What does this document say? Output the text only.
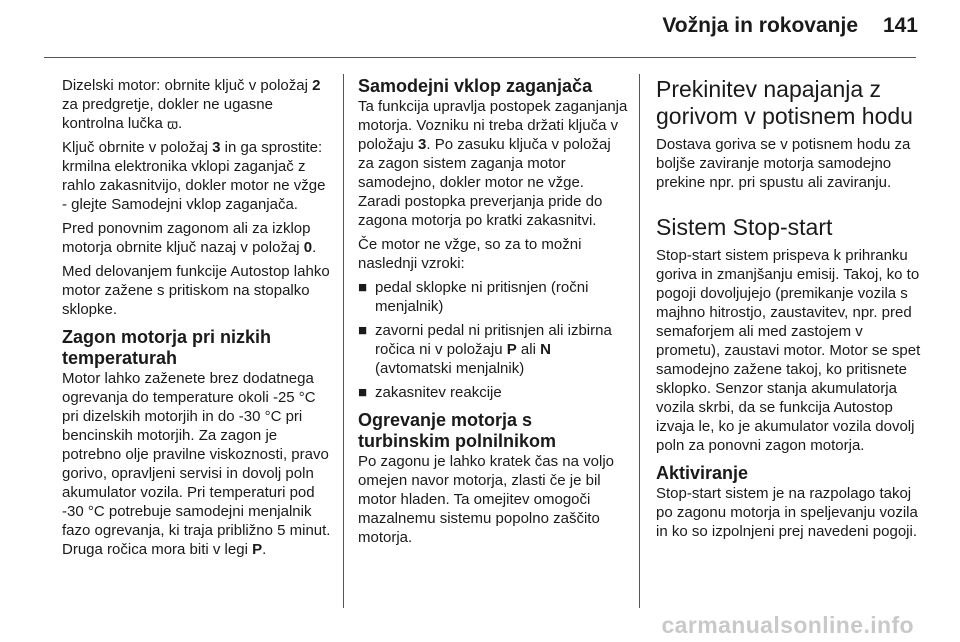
Vožnja in rokovanje 141

Dizelski motor: obrnite ključ v položaj 2 za predgretje, dokler ne ugasne kontrolna lučka ϖ.

Ključ obrnite v položaj 3 in ga sprostite: krmilna elektronika vklopi zaganjač z rahlo zakasnitvijo, dokler motor ne vžge - glejte Samodejni vklop zaganjača.

Pred ponovnim zagonom ali za izklop motorja obrnite ključ nazaj v položaj 0.

Med delovanjem funkcije Autostop lahko motor zažene s pritiskom na stopalko sklopke.

Zagon motorja pri nizkih temperaturah

Motor lahko zaženete brez dodatnega ogrevanja do temperature okoli -25 °C pri dizelskih motorjih in do -30 °C pri bencinskih motorjih. Za zagon je potrebno olje pravilne viskoznosti, pravo gorivo, opravljeni servisi in dovolj poln akumulator vozila. Pri temperaturi pod -30 °C potrebuje samodejni menjalnik fazo ogrevanja, ki traja približno 5 minut. Druga ročica mora biti v legi P.

Samodejni vklop zaganjača

Ta funkcija upravlja postopek zaganjanja motorja. Vozniku ni treba držati ključa v položaju 3. Po zasuku ključa v položaj za zagon sistem zaganja motor samodejno, dokler motor ne vžge. Zaradi postopka preverjanja pride do zagona motorja po kratki zakasnitvi.

Če motor ne vžge, so za to možni naslednji vzroki:

■ pedal sklopke ni pritisnjen (ročni menjalnik)
■ zavorni pedal ni pritisnjen ali izbirna ročica ni v položaju P ali N (avtomatski menjalnik)
■ zakasnitev reakcije
Ogrevanje motorja s turbinskim polnilnikom

Po zagonu je lahko kratek čas na voljo omejen navor motorja, zlasti če je bil motor hladen. Ta omejitev omogoči mazalnemu sistemu popolno zaščito motorja.

Prekinitev napajanja z gorivom v potisnem hodu

Dostava goriva se v potisnem hodu za boljše zaviranje motorja samodejno prekine npr. pri spustu ali zaviranju.

Sistem Stop-start

Stop-start sistem prispeva k prihranku goriva in zmanjšanju emisij. Takoj, ko to pogoji dovoljujejo (premikanje vozila s majhno hitrostjo, zaustavitev, npr. pred semaforjem ali med zastojem v prometu), zaustavi motor. Motor se spet samodejno zažene takoj, ko pritisnete sklopko. Senzor stanja akumulatorja vozila skrbi, da se funkcija Autostop izvaja le, ko je akumulator vozila dovolj poln za ponovni zagon motorja.

Aktiviranje

Stop-start sistem je na razpolago takoj po zagonu motorja in speljevanju vozila in ko so izpolnjeni prej navedeni pogoji.

carmanualsonline.info
